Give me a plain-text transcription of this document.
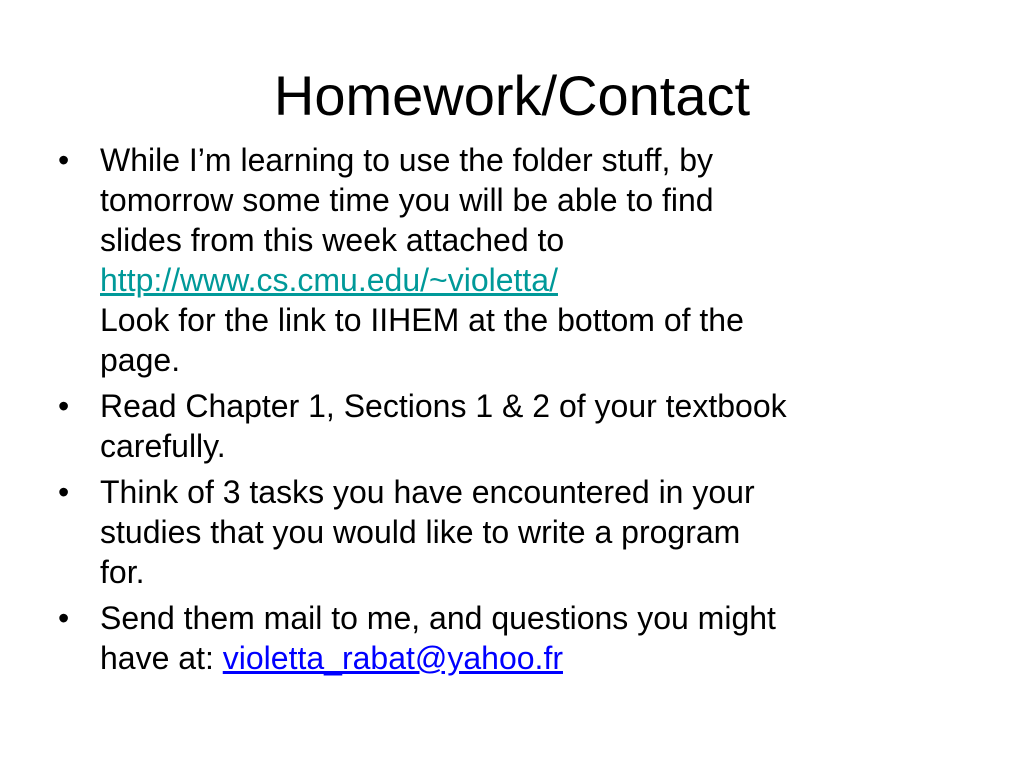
Homework/Contact
• While I’m learning to use the folder stuff, by
tomorrow some time you will be able to find
slides from this week attached to
http://www.cs.cmu.edu/~violetta/
Look for the link to IIHEM at the bottom of the
page.
• Read Chapter 1, Sections 1 & 2 of your textbook
carefully.
• Think of 3 tasks you have encountered in your
studies that you would like to write a program
for.
• Send them mail to me, and questions you might
have at: violetta_rabat@yahoo.fr
